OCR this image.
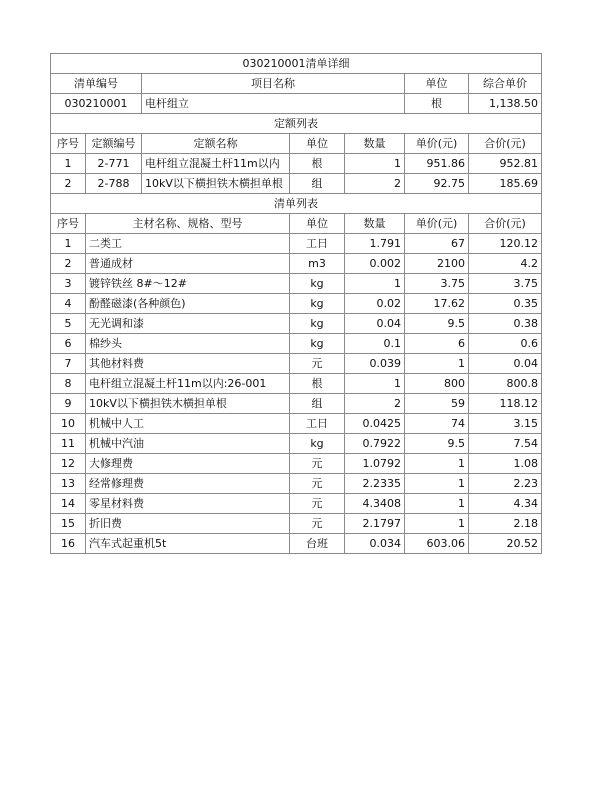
030210001清单详细						
清单编号		项目名称			单位	综合单价
030210001		电杆组立			根	1,138.50
定额列表						
序号	定额编号	定额名称	单位	数量	单价(元)	合价(元)
1	2-771	电杆组立混凝土杆11m以内	根	1	951.86	952.81
2	2-788	10kV以下横担铁木横担单根	组	2	92.75	185.69
清单列表						
序号	主材名称、规格、型号		单位	数量	单价(元)	合价(元)
1	二类工		工日	1.791	67	120.12
2	普通成材		m3	0.002	2100	4.2
3	镀锌铁丝 8#～12#		kg	1	3.75	3.75
4	酚醛磁漆(各种颜色)		kg	0.02	17.62	0.35
5	无光调和漆		kg	0.04	9.5	0.38
6	棉纱头		kg	0.1	6	0.6
7	其他材料费		元	0.039	1	0.04
8	电杆组立混凝土杆11m以内:26-001		根	1	800	800.8
9	10kV以下横担铁木横担单根		组	2	59	118.12
10	机械中人工		工日	0.0425	74	3.15
11	机械中汽油		kg	0.7922	9.5	7.54
12	大修理费		元	1.0792	1	1.08
13	经常修理费		元	2.2335	1	2.23
14	零星材料费		元	4.3408	1	4.34
15	折旧费		元	2.1797	1	2.18
16	汽车式起重机5t		台班	0.034	603.06	20.52
